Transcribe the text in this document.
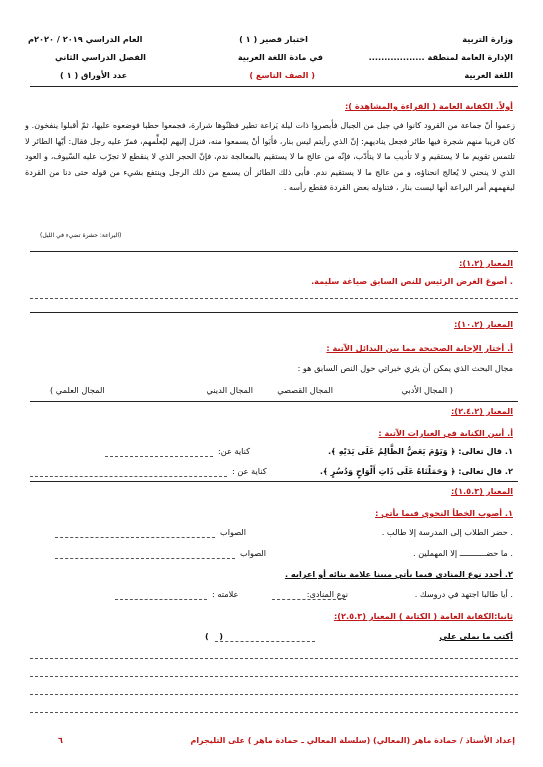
وزارة التربية
الإدارة العامة لمنطقة ..................
اللغة العربية
اختبار قصير ( ١ )
في مادة اللغة العربية
( الصف التاسع )
العام الدراسي ٢٠١٩ / ٢٠٢٠م
الفصل الدراسي الثاني
عدد الأوراق ( ١ )
أولاً. الكفاية العامة ( القراءة والمشاهدة ):
زعموا أنّ جماعة من القرود كانوا في جبل من الجبال فأبصروا ذات ليلة يَراعة تطير فظنّوها شرارة، فجمعوا حطبا فوضعوه عليها، ثمّ أقبلوا ينفخون. و كان قريبا منهم شجرة فيها طائر فجعل يناديهم: إنّ الذي رأيتم ليس بنار، فأبَوا أنْ يسمعوا منه، فنزل إليهم ليُعلِّمهم، فمرّ عليه رجل فقال: أيّها الطائر لا تلتمس تقويم ما لا يستقيم و لا تأديب ما لا يتأدّب، فإنّه من عالج ما لا يستقيم بالمعالجة ندم، فإنّ الحجر الذي لا ينقطع لا تجرّب عليه السّيوف، و العود الذي لا ينحني لا يُعالج انحناؤه، و من عالج ما لا يستقيم ندم. فأبى ذلك الطائر أن يسمع من ذلك الرجل وينتفع بشيء من قوله حتى دنا من القردة ليفهمهم أمر اليراعة أنها ليست بنار ، فتناوله بعض القردة فقطع رأسه .
(اليراعة: حشرة تضيء في الليل)
المعيار (١.٢):
. أصوغ الغرض الرئيس للنص السابق صياغة سليمة.
المعيار (١٠.٢):
أ. أختار الإجابة الصحيحة مما بين البدائل الآتية :
مجال البحث الذي يمكن أن يثري خبراتي حول النص السابق هو :
( المجال الأدبي
المجال القصصي
المجال الديني
المجال العلمي )
المعيار (٢.٤.٢):
أ. أبين الكناية في العبارات الآتية :
١. قال تعالى: ﴿ وَيَوْمَ يَعَضُّ الظَّالِمُ عَلَى يَدَيْهِ ﴾.
كناية عن:
٢. قال تعالى: ﴿ وَحَمَلْنَاهُ عَلَى ذَاتِ أَلْوَاحٍ وَدُسُرٍ ﴾.
كناية عن :
المعيار (١.٥.٣):
١. أصوب الخطأ النحوي فيما يأتي :
. حضر الطلاب إلى المدرسة إلا طالب .
الصواب
. ما حضـــــــــــ إلا المهملين .
الصواب
٢. أحدد نوع المنادى فيما يأتي مبينا علامة بنائه أو اعرابه .
. أيا طالبا اجتهد في دروسك .
نوع المنادى:
علامته :
ثانيا:الكفاية العامة ( الكتابة ) المعيار (٢.٥.٣):
أكتب ما يملى علي
(
)
إعداد الأستاذ / حمادة ماهر (المعالي) (سلسلة المعالي ـ حمادة ماهر ) على التليجرام
٦
